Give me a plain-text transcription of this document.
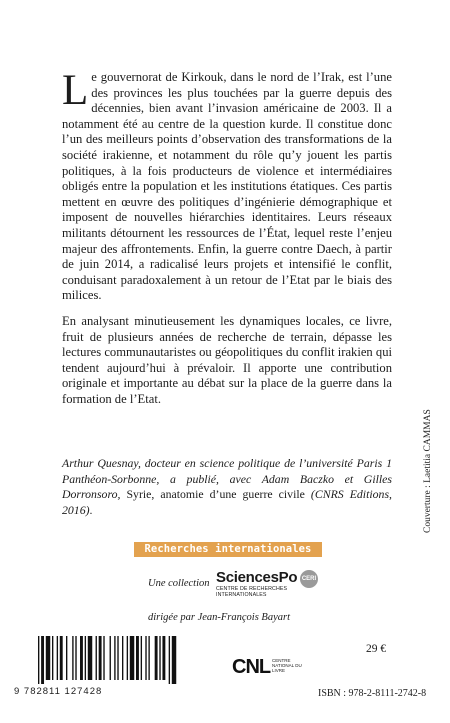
Le gouvernorat de Kirkouk, dans le nord de l’Irak, est l’une des provinces les plus touchées par la guerre depuis des décennies, bien avant l’invasion américaine de 2003. Il a notamment été au centre de la question kurde. Il constitue donc l’un des meilleurs points d’observation des transformations de la société irakienne, et notamment du rôle qu’y jouent les partis politiques, à la fois producteurs de violence et intermédiaires obligés entre la population et les institutions étatiques. Ces partis mettent en œuvre des politiques d’ingénierie démographique et imposent de nouvelles hiérarchies identitaires. Leurs réseaux militants détournent les ressources de l’État, lequel reste l’enjeu majeur des affrontements. Enfin, la guerre contre Daech, à partir de juin 2014, a radicalisé leurs projets et intensifié le conflit, conduisant paradoxalement à un retour de l’Etat par le biais des milices.

En analysant minutieusement les dynamiques locales, ce livre, fruit de plusieurs années de recherche de terrain, dépasse les lectures communautaristes ou géopolitiques du conflit irakien qui tendent aujourd’hui à prévaloir. Il apporte une contribution originale et importante au débat sur la place de la guerre dans la formation de l’Etat.

Arthur Quesnay, docteur en science politique de l’université Paris 1 Panthéon-Sorbonne, a publié, avec Adam Baczko et Gilles Dorronsoro, Syrie, anatomie d’une guerre civile (CNRS Editions, 2016).	Couverture : Laetitia CAMMAS
Recherches internationales
Une collection SciencesPo
CENTRE DE RECHERCHES
INTERNATIONALES
CERI
dirigée par Jean-François Bayart
29 €
9 782811 127428
CNL CENTRE NATIONAL DU LIVRE
ISBN : 978-2-8111-2742-8
